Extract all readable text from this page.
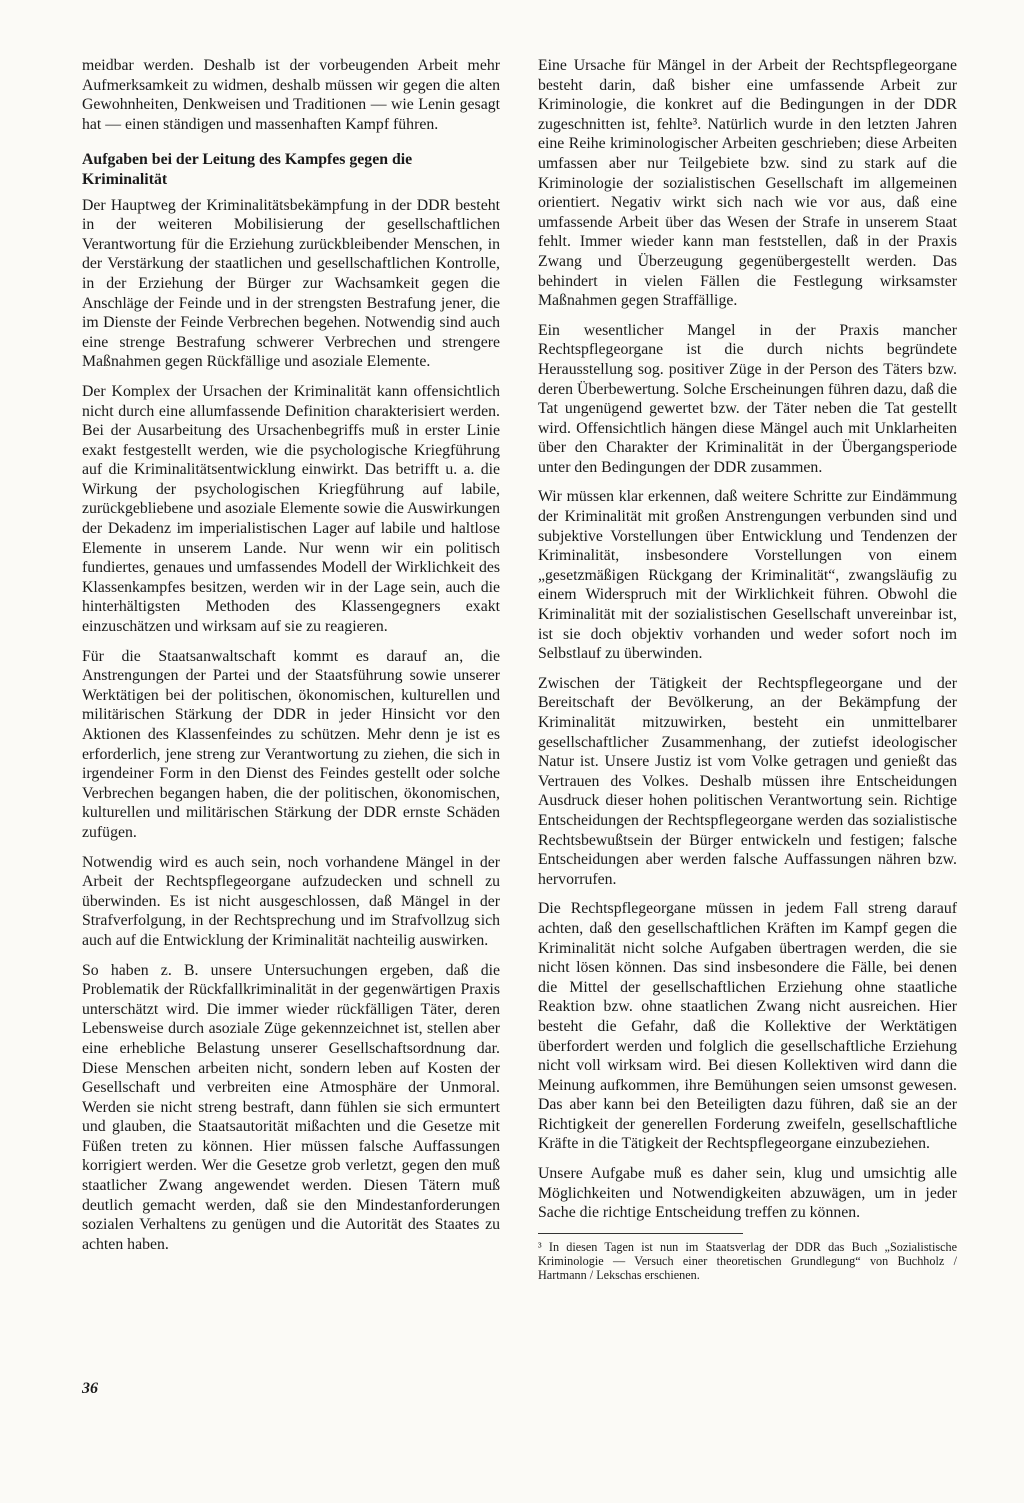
meidbar werden. Deshalb ist der vorbeugenden Arbeit mehr Aufmerksamkeit zu widmen, deshalb müssen wir gegen die alten Gewohnheiten, Denkweisen und Traditionen — wie Lenin gesagt hat — einen ständigen und massenhaften Kampf führen.

Aufgaben bei der Leitung des Kampfes gegen die Kriminalität

Der Hauptweg der Kriminalitätsbekämpfung in der DDR besteht in der weiteren Mobilisierung der gesellschaftlichen Verantwortung für die Erziehung zurückbleibender Menschen, in der Verstärkung der staatlichen und gesellschaftlichen Kontrolle, in der Erziehung der Bürger zur Wachsamkeit gegen die Anschläge der Feinde und in der strengsten Bestrafung jener, die im Dienste der Feinde Verbrechen begehen. Notwendig sind auch eine strenge Bestrafung schwerer Verbrechen und strengere Maßnahmen gegen Rückfällige und asoziale Elemente.

Der Komplex der Ursachen der Kriminalität kann offensichtlich nicht durch eine allumfassende Definition charakterisiert werden. Bei der Ausarbeitung des Ursachenbegriffs muß in erster Linie exakt festgestellt werden, wie die psychologische Kriegführung auf die Kriminalitätsentwicklung einwirkt. Das betrifft u. a. die Wirkung der psychologischen Kriegführung auf labile, zurückgebliebene und asoziale Elemente sowie die Auswirkungen der Dekadenz im imperialistischen Lager auf labile und haltlose Elemente in unserem Lande. Nur wenn wir ein politisch fundiertes, genaues und umfassendes Modell der Wirklichkeit des Klassenkampfes besitzen, werden wir in der Lage sein, auch die hinterhältigsten Methoden des Klassengegners exakt einzuschätzen und wirksam auf sie zu reagieren.

Für die Staatsanwaltschaft kommt es darauf an, die Anstrengungen der Partei und der Staatsführung sowie unserer Werktätigen bei der politischen, ökonomischen, kulturellen und militärischen Stärkung der DDR in jeder Hinsicht vor den Aktionen des Klassenfeindes zu schützen. Mehr denn je ist es erforderlich, jene streng zur Verantwortung zu ziehen, die sich in irgendeiner Form in den Dienst des Feindes gestellt oder solche Verbrechen begangen haben, die der politischen, ökonomischen, kulturellen und militärischen Stärkung der DDR ernste Schäden zufügen.

Notwendig wird es auch sein, noch vorhandene Mängel in der Arbeit der Rechtspflegeorgane aufzudecken und schnell zu überwinden. Es ist nicht ausgeschlossen, daß Mängel in der Strafverfolgung, in der Rechtsprechung und im Strafvollzug sich auch auf die Entwicklung der Kriminalität nachteilig auswirken.

So haben z. B. unsere Untersuchungen ergeben, daß die Problematik der Rückfallkriminalität in der gegenwärtigen Praxis unterschätzt wird. Die immer wieder rückfälligen Täter, deren Lebensweise durch asoziale Züge gekennzeichnet ist, stellen aber eine erhebliche Belastung unserer Gesellschaftsordnung dar. Diese Menschen arbeiten nicht, sondern leben auf Kosten der Gesellschaft und verbreiten eine Atmosphäre der Unmoral. Werden sie nicht streng bestraft, dann fühlen sie sich ermuntert und glauben, die Staatsautorität mißachten und die Gesetze mit Füßen treten zu können. Hier müssen falsche Auffassungen korrigiert werden. Wer die Gesetze grob verletzt, gegen den muß staatlicher Zwang angewendet werden. Diesen Tätern muß deutlich gemacht werden, daß sie den Mindestanforderungen sozialen Verhaltens zu genügen und die Autorität des Staates zu achten haben.

Eine Ursache für Mängel in der Arbeit der Rechtspflegeorgane besteht darin, daß bisher eine umfassende Arbeit zur Kriminologie, die konkret auf die Bedingungen in der DDR zugeschnitten ist, fehlte³. Natürlich wurde in den letzten Jahren eine Reihe kriminologischer Arbeiten geschrieben; diese Arbeiten umfassen aber nur Teilgebiete bzw. sind zu stark auf die Kriminologie der sozialistischen Gesellschaft im allgemeinen orientiert. Negativ wirkt sich nach wie vor aus, daß eine umfassende Arbeit über das Wesen der Strafe in unserem Staat fehlt. Immer wieder kann man feststellen, daß in der Praxis Zwang und Überzeugung gegenübergestellt werden. Das behindert in vielen Fällen die Festlegung wirksamster Maßnahmen gegen Straffällige.

Ein wesentlicher Mangel in der Praxis mancher Rechtspflegeorgane ist die durch nichts begründete Herausstellung sog. positiver Züge in der Person des Täters bzw. deren Überbewertung. Solche Erscheinungen führen dazu, daß die Tat ungenügend gewertet bzw. der Täter neben die Tat gestellt wird. Offensichtlich hängen diese Mängel auch mit Unklarheiten über den Charakter der Kriminalität in der Übergangsperiode unter den Bedingungen der DDR zusammen.

Wir müssen klar erkennen, daß weitere Schritte zur Eindämmung der Kriminalität mit großen Anstrengungen verbunden sind und subjektive Vorstellungen über Entwicklung und Tendenzen der Kriminalität, insbesondere Vorstellungen von einem „gesetzmäßigen Rückgang der Kriminalität“, zwangsläufig zu einem Widerspruch mit der Wirklichkeit führen. Obwohl die Kriminalität mit der sozialistischen Gesellschaft unvereinbar ist, ist sie doch objektiv vorhanden und weder sofort noch im Selbstlauf zu überwinden.

Zwischen der Tätigkeit der Rechtspflegeorgane und der Bereitschaft der Bevölkerung, an der Bekämpfung der Kriminalität mitzuwirken, besteht ein unmittelbarer gesellschaftlicher Zusammenhang, der zutiefst ideologischer Natur ist. Unsere Justiz ist vom Volke getragen und genießt das Vertrauen des Volkes. Deshalb müssen ihre Entscheidungen Ausdruck dieser hohen politischen Verantwortung sein. Richtige Entscheidungen der Rechtspflegeorgane werden das sozialistische Rechtsbewußtsein der Bürger entwickeln und festigen; falsche Entscheidungen aber werden falsche Auffassungen nähren bzw. hervorrufen.

Die Rechtspflegeorgane müssen in jedem Fall streng darauf achten, daß den gesellschaftlichen Kräften im Kampf gegen die Kriminalität nicht solche Aufgaben übertragen werden, die sie nicht lösen können. Das sind insbesondere die Fälle, bei denen die Mittel der gesellschaftlichen Erziehung ohne staatliche Reaktion bzw. ohne staatlichen Zwang nicht ausreichen. Hier besteht die Gefahr, daß die Kollektive der Werktätigen überfordert werden und folglich die gesellschaftliche Erziehung nicht voll wirksam wird. Bei diesen Kollektiven wird dann die Meinung aufkommen, ihre Bemühungen seien umsonst gewesen. Das aber kann bei den Beteiligten dazu führen, daß sie an der Richtigkeit der generellen Forderung zweifeln, gesellschaftliche Kräfte in die Tätigkeit der Rechtspflegeorgane einzubeziehen.

Unsere Aufgabe muß es daher sein, klug und umsichtig alle Möglichkeiten und Notwendigkeiten abzuwägen, um in jeder Sache die richtige Entscheidung treffen zu können.

³ In diesen Tagen ist nun im Staatsverlag der DDR das Buch „Sozialistische Kriminologie — Versuch einer theoretischen Grundlegung“ von Buchholz / Hartmann / Lekschas erschienen.

36
